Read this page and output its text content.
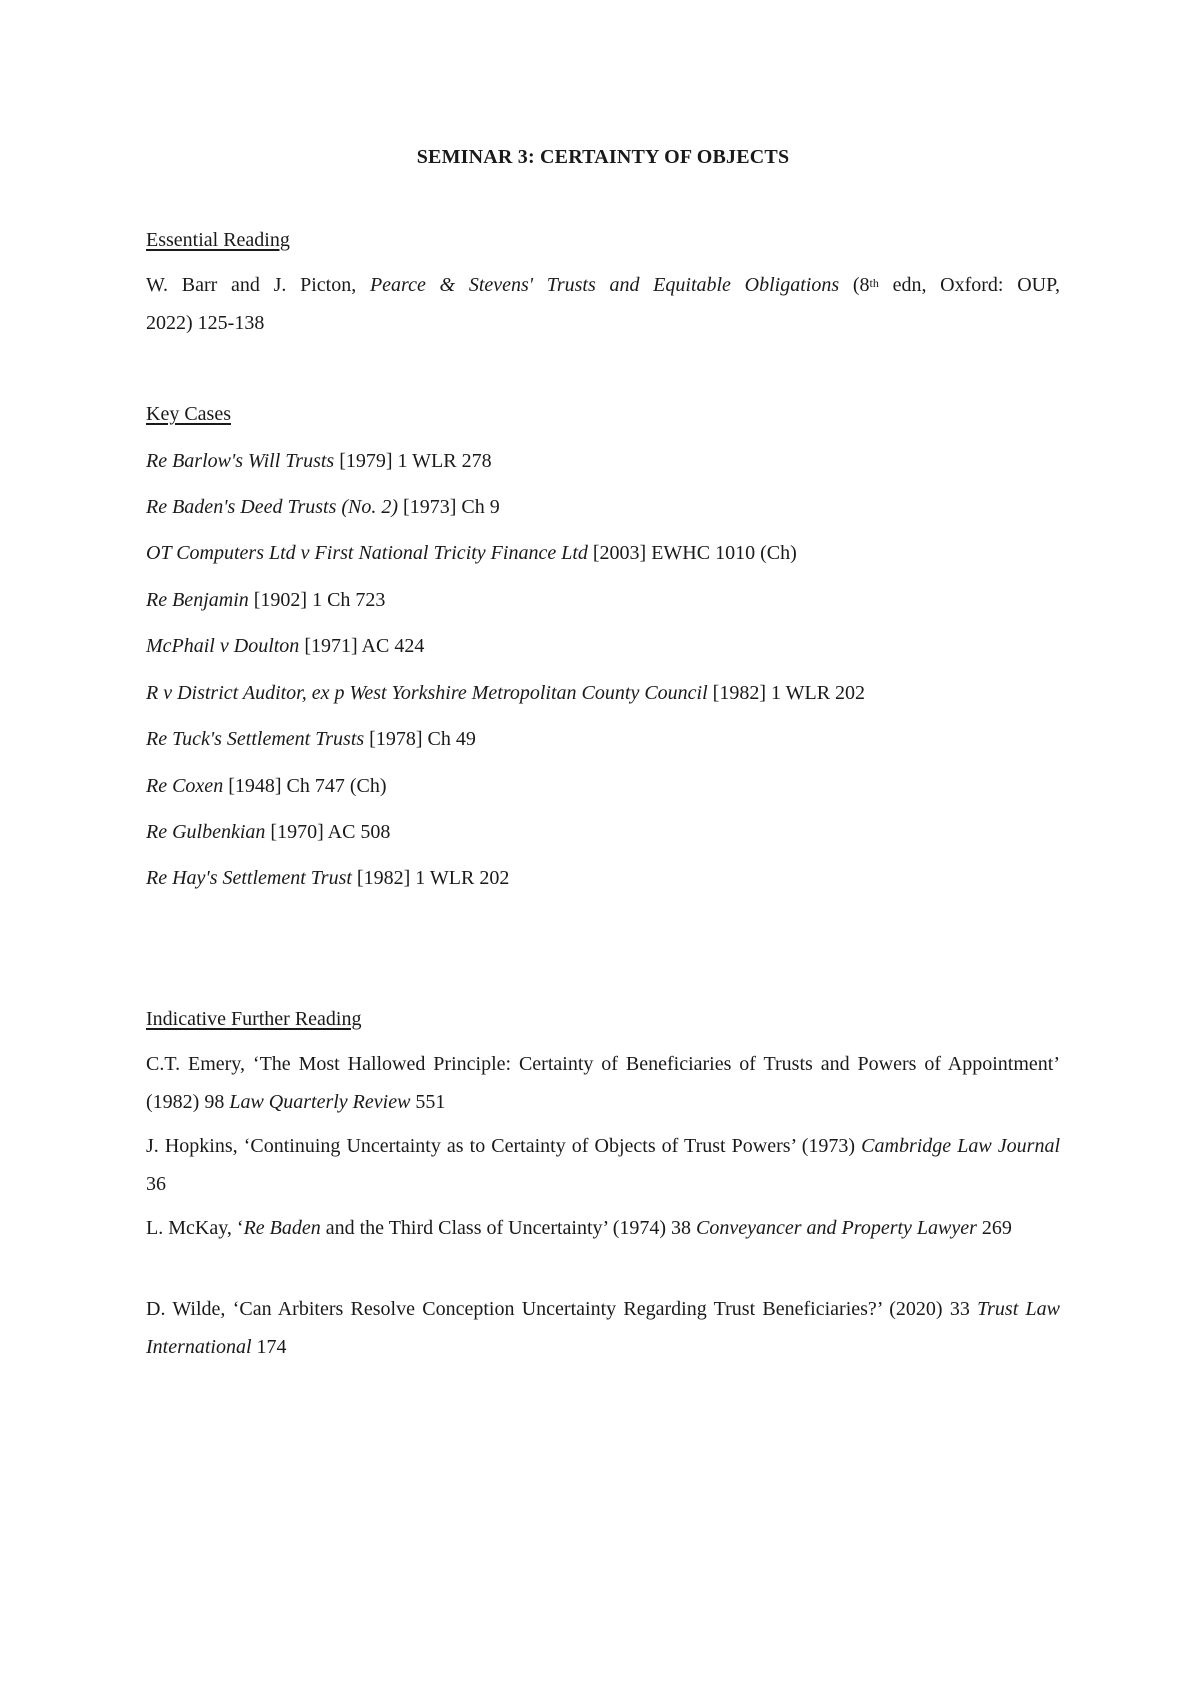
SEMINAR 3: CERTAINTY OF OBJECTS
Essential Reading
W. Barr and J. Picton, Pearce & Stevens' Trusts and Equitable Obligations (8th edn, Oxford: OUP,
2022) 125-138
Key Cases
Re Barlow's Will Trusts [1979] 1 WLR 278
Re Baden's Deed Trusts (No. 2) [1973] Ch 9
OT Computers Ltd v First National Tricity Finance Ltd [2003] EWHC 1010 (Ch)
Re Benjamin [1902] 1 Ch 723
McPhail v Doulton [1971] AC 424
R v District Auditor, ex p West Yorkshire Metropolitan County Council [1982] 1 WLR 202
Re Tuck's Settlement Trusts [1978] Ch 49
Re Coxen [1948] Ch 747 (Ch)
Re Gulbenkian [1970] AC 508
Re Hay's Settlement Trust [1982] 1 WLR 202
Indicative Further Reading
C.T. Emery, ‘The Most Hallowed Principle: Certainty of Beneficiaries of Trusts and Powers of Appointment’ (1982) 98 Law Quarterly Review 551
J. Hopkins, ‘Continuing Uncertainty as to Certainty of Objects of Trust Powers’ (1973) Cambridge Law Journal 36
L. McKay, ‘Re Baden and the Third Class of Uncertainty’ (1974) 38 Conveyancer and Property Lawyer 269
D. Wilde, ‘Can Arbiters Resolve Conception Uncertainty Regarding Trust Beneficiaries?’ (2020) 33 Trust Law International 174
